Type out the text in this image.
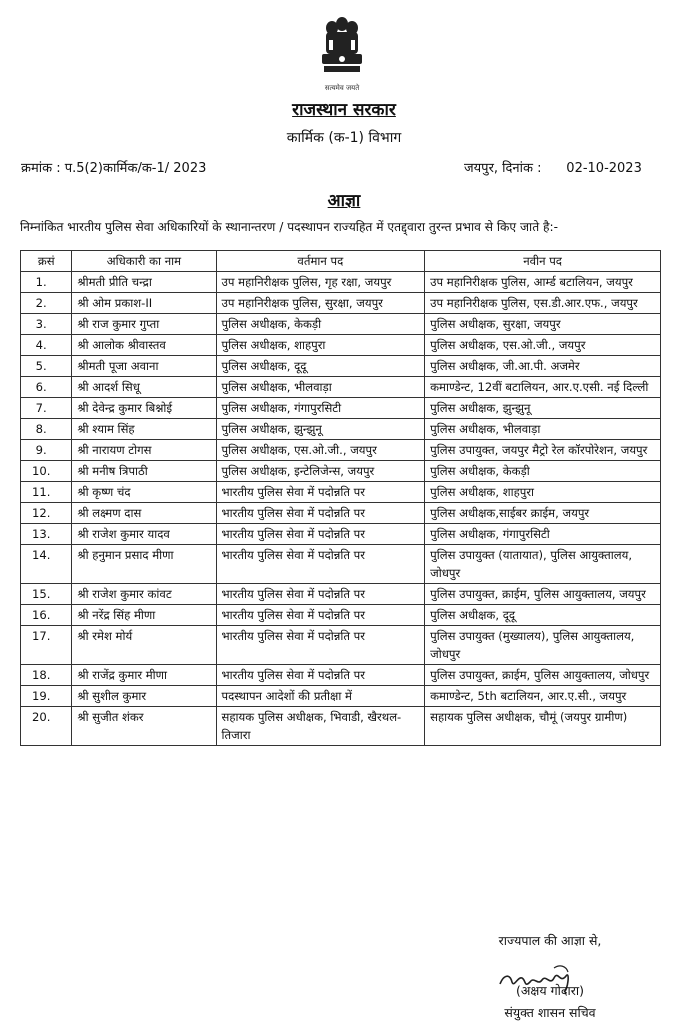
सत्यमेव जयते
राजस्थान सरकार
कार्मिक (क-1) विभाग
क्रमांक : प.5(2)कार्मिक/क-1/ 2023	जयपुर, दिनांक : 02-10-2023
आज्ञा
निम्नांकित भारतीय पुलिस सेवा अधिकारियों के स्थानान्तरण / पदस्थापन राज्यहित में एतद्द्वारा तुरन्त प्रभाव से किए जाते है:-
क्रसं	अधिकारी का नाम	वर्तमान पद	नवीन पद
1.	श्रीमती प्रीति चन्द्रा	उप महानिरीक्षक पुलिस, गृह रक्षा, जयपुर	उप महानिरीक्षक पुलिस, आर्म्ड बटालियन, जयपुर
2.	श्री ओम प्रकाश-II	उप महानिरीक्षक पुलिस, सुरक्षा, जयपुर	उप महानिरीक्षक पुलिस, एस.डी.आर.एफ., जयपुर
3.	श्री राज कुमार गुप्ता	पुलिस अधीक्षक, केकड़ी	पुलिस अधीक्षक, सुरक्षा, जयपुर
4.	श्री आलोक श्रीवास्तव	पुलिस अधीक्षक, शाहपुरा	पुलिस अधीक्षक, एस.ओ.जी., जयपुर
5.	श्रीमती पूजा अवाना	पुलिस अधीक्षक, दूदू	पुलिस अधीक्षक, जी.आ.पी. अजमेर
6.	श्री आदर्श सिधू	पुलिस अधीक्षक, भीलवाड़ा	कमाण्डेन्ट, 12वीं बटालियन, आर.ए.एसी. नई दिल्ली
7.	श्री देवेन्द्र कुमार बिश्नोई	पुलिस अधीक्षक, गंगापुरसिटी	पुलिस अधीक्षक, झुन्झुनू
8.	श्री श्याम सिंह	पुलिस अधीक्षक, झुन्झुनू	पुलिस अधीक्षक, भीलवाड़ा
9.	श्री नारायण टोगस	पुलिस अधीक्षक, एस.ओ.जी., जयपुर	पुलिस उपायुक्त, जयपुर मैट्रो रेल कॉरपोरेशन, जयपुर
10.	श्री मनीष त्रिपाठी	पुलिस अधीक्षक, इन्टेलिजेन्स, जयपुर	पुलिस अधीक्षक, केकड़ी
11.	श्री कृष्ण चंद	भारतीय पुलिस सेवा में पदोन्नति पर	पुलिस अधीक्षक, शाहपुरा
12.	श्री लक्ष्मण दास	भारतीय पुलिस सेवा में पदोन्नति पर	पुलिस अधीक्षक,साईबर क्राईम, जयपुर
13.	श्री राजेश कुमार यादव	भारतीय पुलिस सेवा में पदोन्नति पर	पुलिस अधीक्षक, गंगापुरसिटी
14.	श्री हनुमान प्रसाद मीणा	भारतीय पुलिस सेवा में पदोन्नति पर	पुलिस उपायुक्त (यातायात), पुलिस आयुक्तालय, जोधपुर
15.	श्री राजेश कुमार कांवट	भारतीय पुलिस सेवा में पदोन्नति पर	पुलिस उपायुक्त, क्राईम, पुलिस आयुक्तालय, जयपुर
16.	श्री नरेंद्र सिंह मीणा	भारतीय पुलिस सेवा में पदोन्नति पर	पुलिस अधीक्षक, दूदू
17.	श्री रमेश मोर्य	भारतीय पुलिस सेवा में पदोन्नति पर	पुलिस उपायुक्त (मुख्यालय), पुलिस आयुक्तालय, जोधपुर
18.	श्री राजेंद्र कुमार मीणा	भारतीय पुलिस सेवा में पदोन्नति पर	पुलिस उपायुक्त, क्राईम, पुलिस आयुक्तालय, जोधपुर
19.	श्री सुशील कुमार	पदस्थापन आदेशों की प्रतीक्षा में	कमाण्डेन्ट, 5th बटालियन, आर.ए.सी., जयपुर
20.	श्री सुजीत शंकर	सहायक पुलिस अधीक्षक, भिवाडी, खैरथल-तिजारा	सहायक पुलिस अधीक्षक, चौमूं (जयपुर ग्रामीण)
राज्यपाल की आज्ञा से,
(अक्षय गोदारा)
संयुक्त शासन सचिव
